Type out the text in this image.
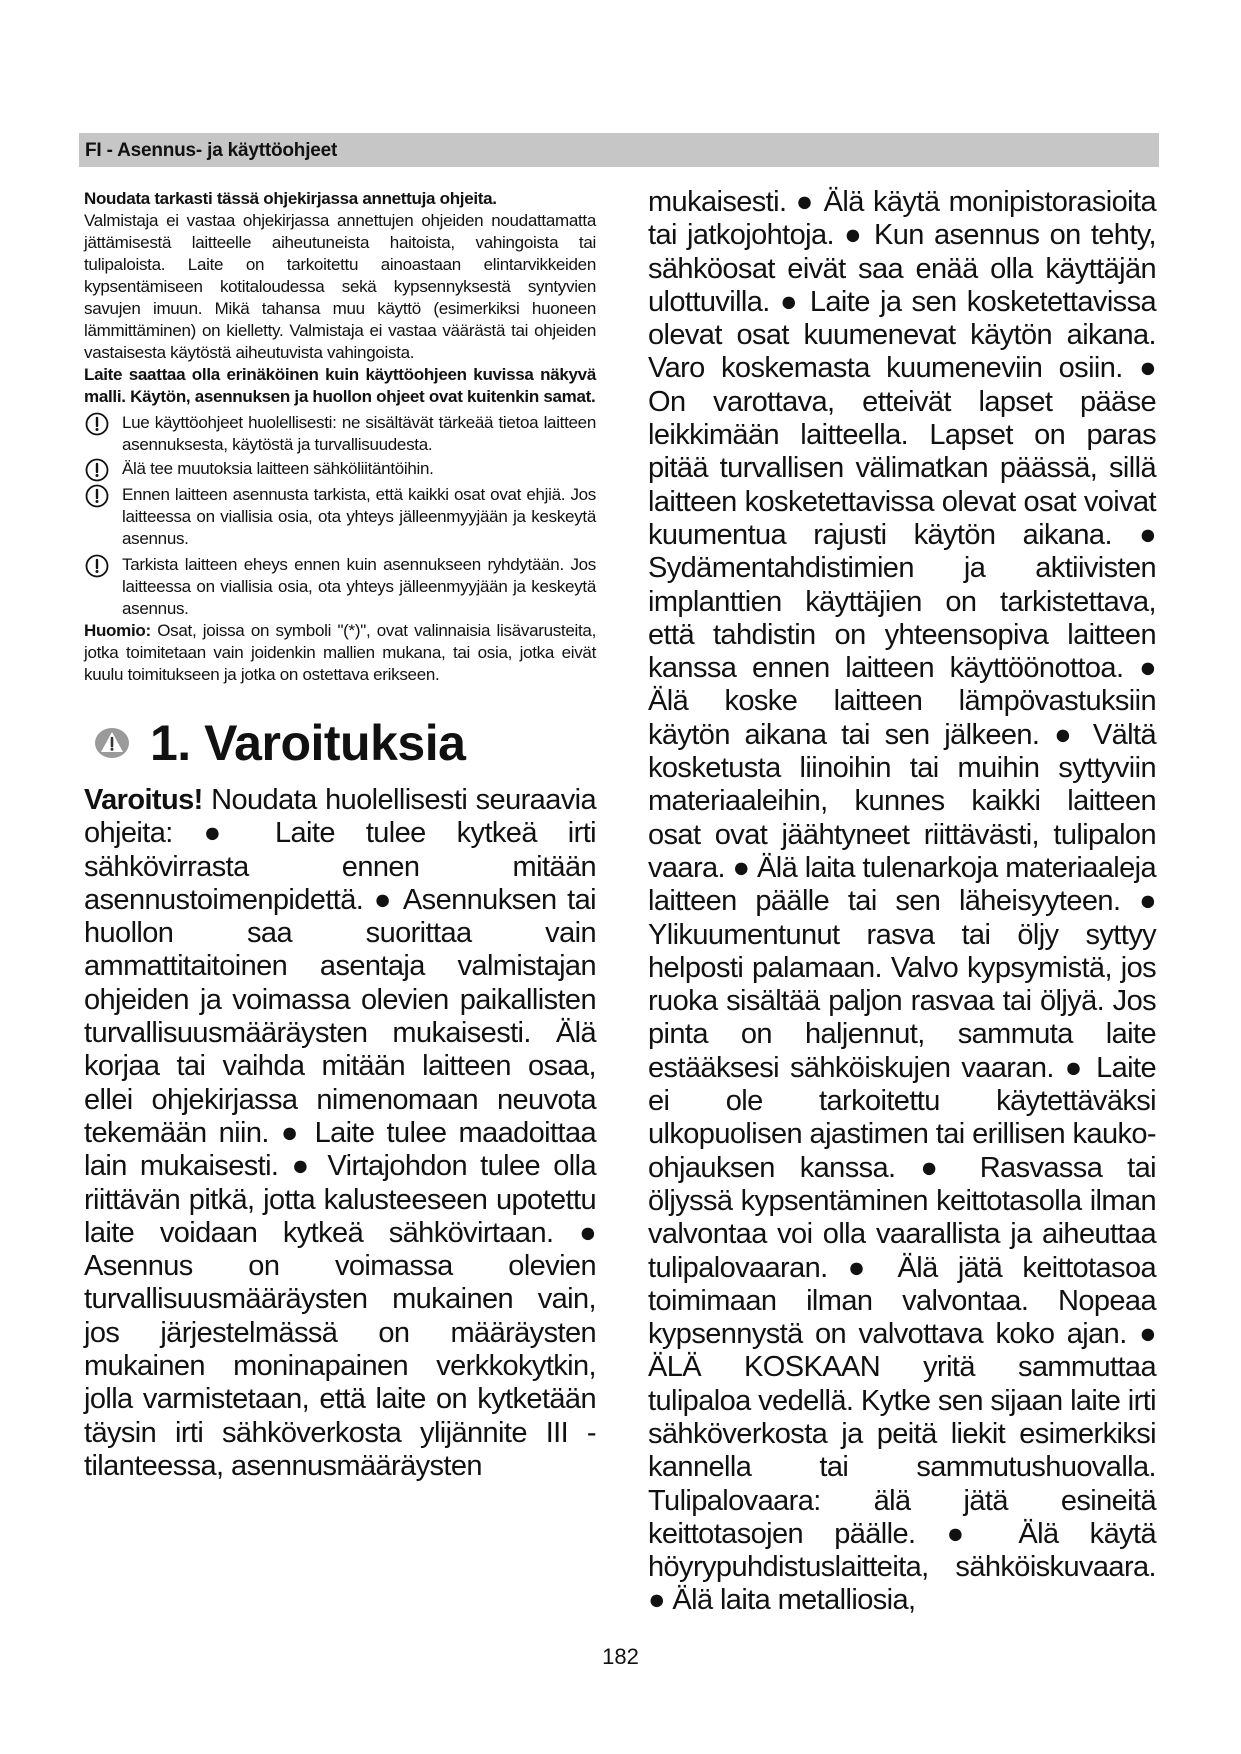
FI - Asennus- ja käyttöohjeet

Noudata tarkasti tässä ohjekirjassa annettuja ohjeita.

Valmistaja ei vastaa ohjekirjassa annettujen ohjeiden noudattamatta jättämisestä laitteelle aiheutuneista haitoista, vahingoista tai tulipaloista. Laite on tarkoitettu ainoastaan elintarvikkeiden kypsentämiseen kotitaloudessa sekä kypsennyksestä syntyvien savujen imuun. Mikä tahansa muu käyttö (esimerkiksi huoneen lämmittäminen) on kielletty. Valmistaja ei vastaa väärästä tai ohjeiden vastaisesta käytöstä aiheutuvista vahingoista.

Laite saattaa olla erinäköinen kuin käyttöohjeen kuvissa näkyvä malli. Käytön, asennuksen ja huollon ohjeet ovat kuitenkin samat.

Lue käyttöohjeet huolellisesti: ne sisältävät tärkeää tietoa laitteen asennuksesta, käytöstä ja turvallisuudesta.
Älä tee muutoksia laitteen sähköliitäntöihin.
Ennen laitteen asennusta tarkista, että kaikki osat ovat ehjiä. Jos laitteessa on viallisia osia, ota yhteys jälleenmyyjään ja keskeytä asennus.
Tarkista laitteen eheys ennen kuin asennukseen ryhdytään. Jos laitteessa on viallisia osia, ota yhteys jälleenmyyjään ja keskeytä asennus.

Huomio: Osat, joissa on symboli "(*)", ovat valinnaisia lisävarusteita, jotka toimitetaan vain joidenkin mallien mukana, tai osia, jotka eivät kuulu toimitukseen ja jotka on ostettava erikseen.

1. Varoituksia

Varoitus! Noudata huolellisesti seuraavia ohjeita: ● Laite tulee kytkeä irti sähkövirrasta ennen mitään asennustoimenpidettä. ● Asennuksen tai huollon saa suorittaa vain ammattitaitoinen asentaja valmistajan ohjeiden ja voimassa olevien paikallisten turvallisuusmääräysten mukaisesti. Älä korjaa tai vaihda mitään laitteen osaa, ellei ohjekirjassa nimenomaan neuvota tekemään niin. ● Laite tulee maadoittaa lain mukaisesti. ● Virtajohdon tulee olla riittävän pitkä, jotta kalusteeseen upotettu laite voidaan kytkeä sähkövirtaan. ● Asennus on voimassa olevien turvallisuusmääräysten mukainen vain, jos järjestelmässä on määräysten mukainen moninapainen verkkokytkin, jolla varmistetaan, että laite on kytketään täysin irti sähköverkosta ylijännite III -tilanteessa, asennusmääräysten

mukaisesti. ● Älä käytä monipistorasioita tai jatkojohtoja. ● Kun asennus on tehty, sähköosat eivät saa enää olla käyttäjän ulottuvilla. ● Laite ja sen kosketettavissa olevat osat kuumenevat käytön aikana. Varo koskemasta kuumeneviin osiin. ● On varottava, etteivät lapset pääse leikkimään laitteella. Lapset on paras pitää turvallisen välimatkan päässä, sillä laitteen kosketettavissa olevat osat voivat kuumentua rajusti käytön aikana. ● Sydämentahdistimien ja aktiivisten implanttien käyttäjien on tarkistettava, että tahdistin on yhteensopiva laitteen kanssa ennen laitteen käyttöönottoa. ● Älä koske laitteen lämpövastuksiin käytön aikana tai sen jälkeen. ● Vältä kosketusta liinoihin tai muihin syttyviin materiaaleihin, kunnes kaikki laitteen osat ovat jäähtyneet riittävästi, tulipalon vaara. ● Älä laita tulenarkoja materiaaleja laitteen päälle tai sen läheisyyteen. ● Ylikuumentunut rasva tai öljy syttyy helposti palamaan. Valvo kypsymistä, jos ruoka sisältää paljon rasvaa tai öljyä. Jos pinta on haljennut, sammuta laite estääksesi sähköiskujen vaaran. ● Laite ei ole tarkoitettu käytettäväksi ulkopuolisen ajastimen tai erillisen kauko-ohjauksen kanssa. ● Rasvassa tai öljyssä kypsentäminen keittotasolla ilman valvontaa voi olla vaarallista ja aiheuttaa tulipalovaaran. ● Älä jätä keittotasoa toimimaan ilman valvontaa. Nopeaa kypsennystä on valvottava koko ajan. ● ÄLÄ KOSKAAN yritä sammuttaa tulipaloa vedellä. Kytke sen sijaan laite irti sähköverkosta ja peitä liekit esimerkiksi kannella tai sammutushuovalla. Tulipalovaara: älä jätä esineitä keittotasojen päälle. ● Älä käytä höyrypuhdistuslaitteita, sähköiskuvaara. ● Älä laita metalliosia,

182
